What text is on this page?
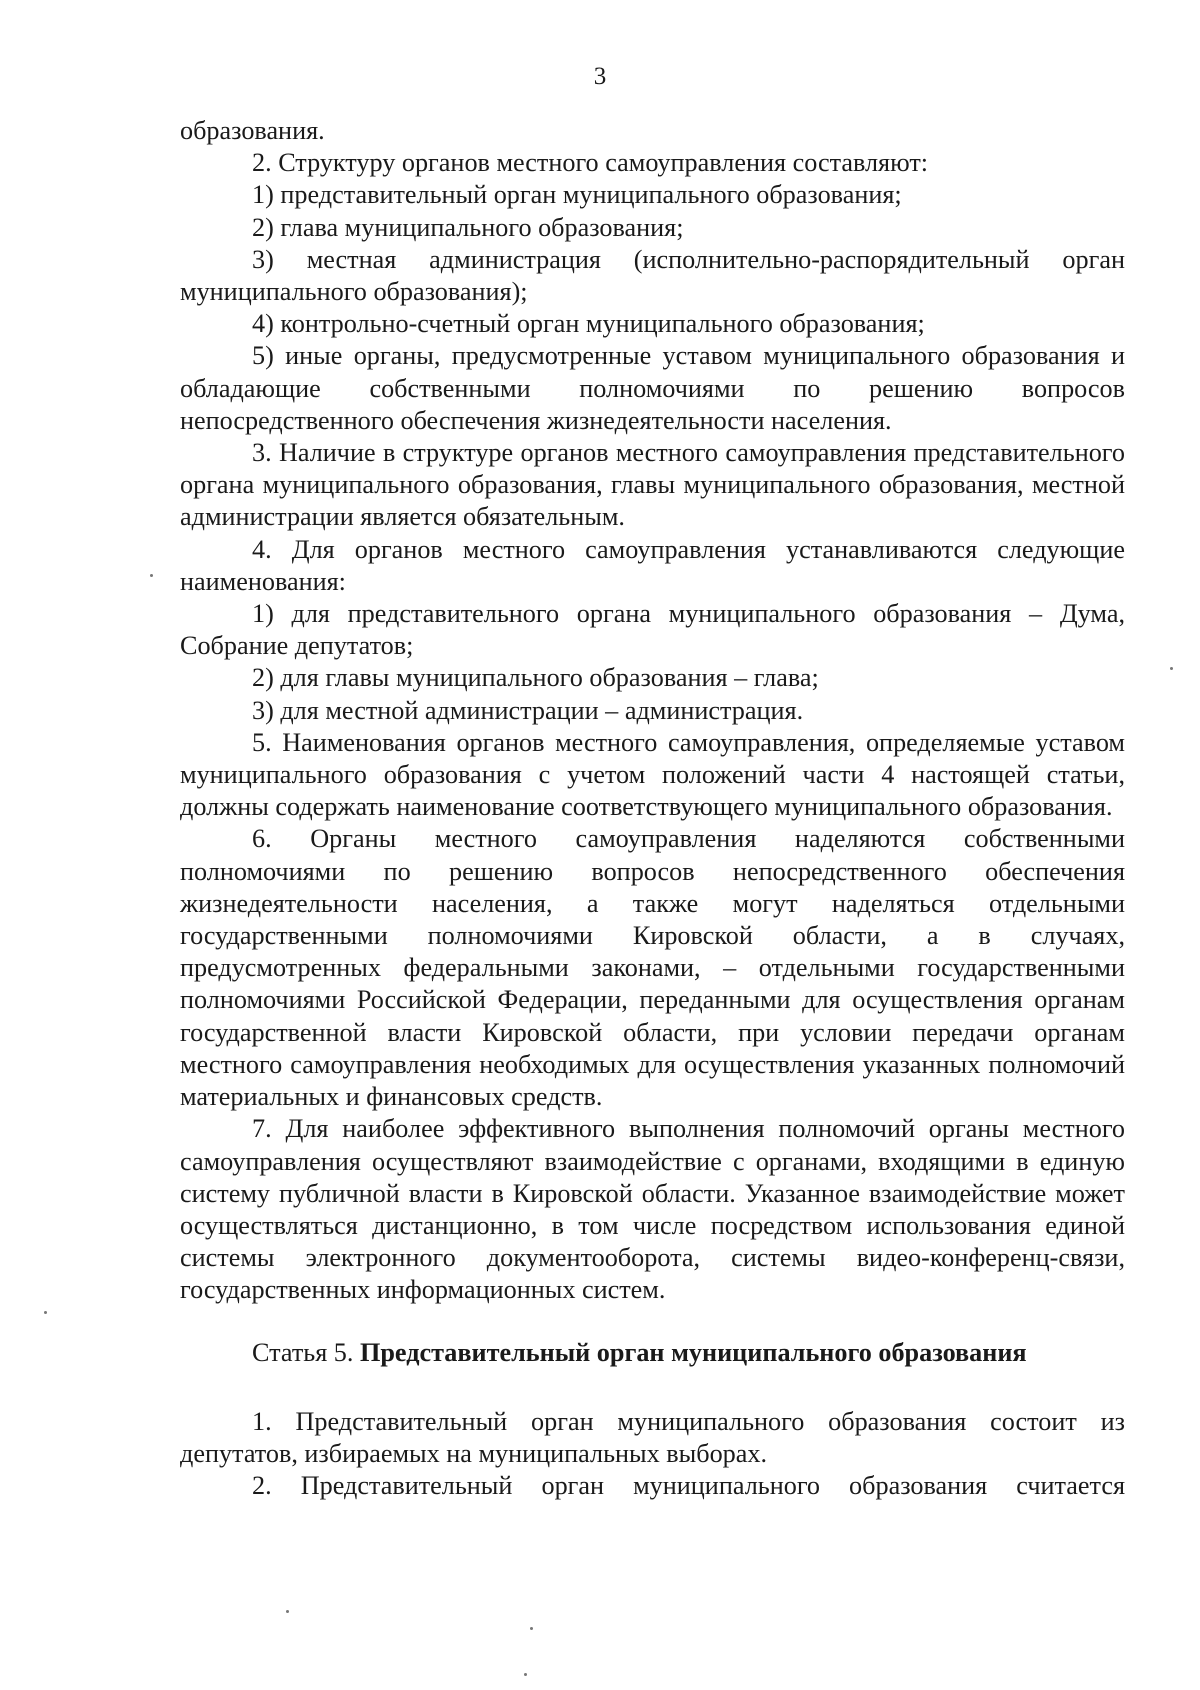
3

образования.

2. Структуру органов местного самоуправления составляют:

1) представительный орган муниципального образования;

2) глава муниципального образования;

3) местная администрация (исполнительно-распорядительный орган муниципального образования);

4) контрольно-счетный орган муниципального образования;

5) иные органы, предусмотренные уставом муниципального образования и обладающие собственными полномочиями по решению вопросов непосредственного обеспечения жизнедеятельности населения.

3. Наличие в структуре органов местного самоуправления представительного органа муниципального образования, главы муниципального образования, местной администрации является обязательным.

4. Для органов местного самоуправления устанавливаются следующие наименования:

1) для представительного органа муниципального образования – Дума, Собрание депутатов;

2) для главы муниципального образования – глава;

3) для местной администрации – администрация.

5. Наименования органов местного самоуправления, определяемые уставом муниципального образования с учетом положений части 4 настоящей статьи, должны содержать наименование соответствующего муниципального образования.

6. Органы местного самоуправления наделяются собственными полномочиями по решению вопросов непосредственного обеспечения жизнедеятельности населения, а также могут наделяться отдельными государственными полномочиями Кировской области, а в случаях, предусмотренных федеральными законами, – отдельными государственными полномочиями Российской Федерации, переданными для осуществления органам государственной власти Кировской области, при условии передачи органам местного самоуправления необходимых для осуществления указанных полномочий материальных и финансовых средств.

7. Для наиболее эффективного выполнения полномочий органы местного самоуправления осуществляют взаимодействие с органами, входящими в единую систему публичной власти в Кировской области. Указанное взаимодействие может осуществляться дистанционно, в том числе посредством использования единой системы электронного документооборота, системы видео-конференц-связи, государственных информационных систем.

Статья 5. Представительный орган муниципального образования

1. Представительный орган муниципального образования состоит из депутатов, избираемых на муниципальных выборах.

2. Представительный орган муниципального образования считается
